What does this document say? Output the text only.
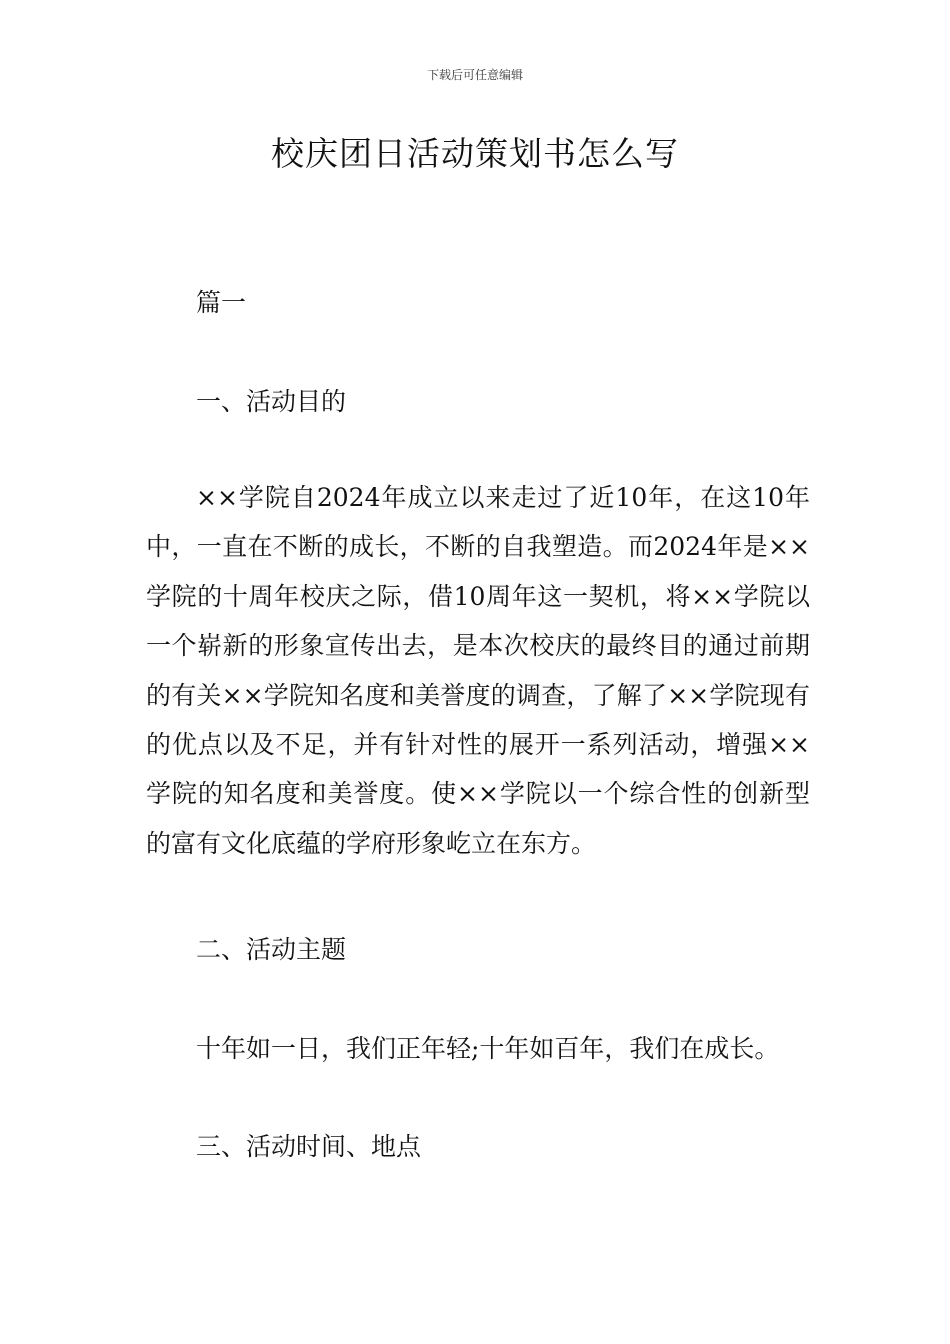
下载后可任意编辑
校庆团日活动策划书怎么写
篇一
一、活动目的

××学院自2024年成立以来走过了近10年，在这10年中，一直在不断的成长，不断的自我塑造。而2024年是××学院的十周年校庆之际，借10周年这一契机，将××学院以一个崭新的形象宣传出去，是本次校庆的最终目的通过前期的有关××学院知名度和美誉度的调查，了解了××学院现有的优点以及不足，并有针对性的展开一系列活动，增强××学院的知名度和美誉度。使××学院以一个综合性的创新型的富有文化底蕴的学府形象屹立在东方。

二、活动主题
十年如一日，我们正年轻;十年如百年，我们在成长。
三、活动时间、地点
